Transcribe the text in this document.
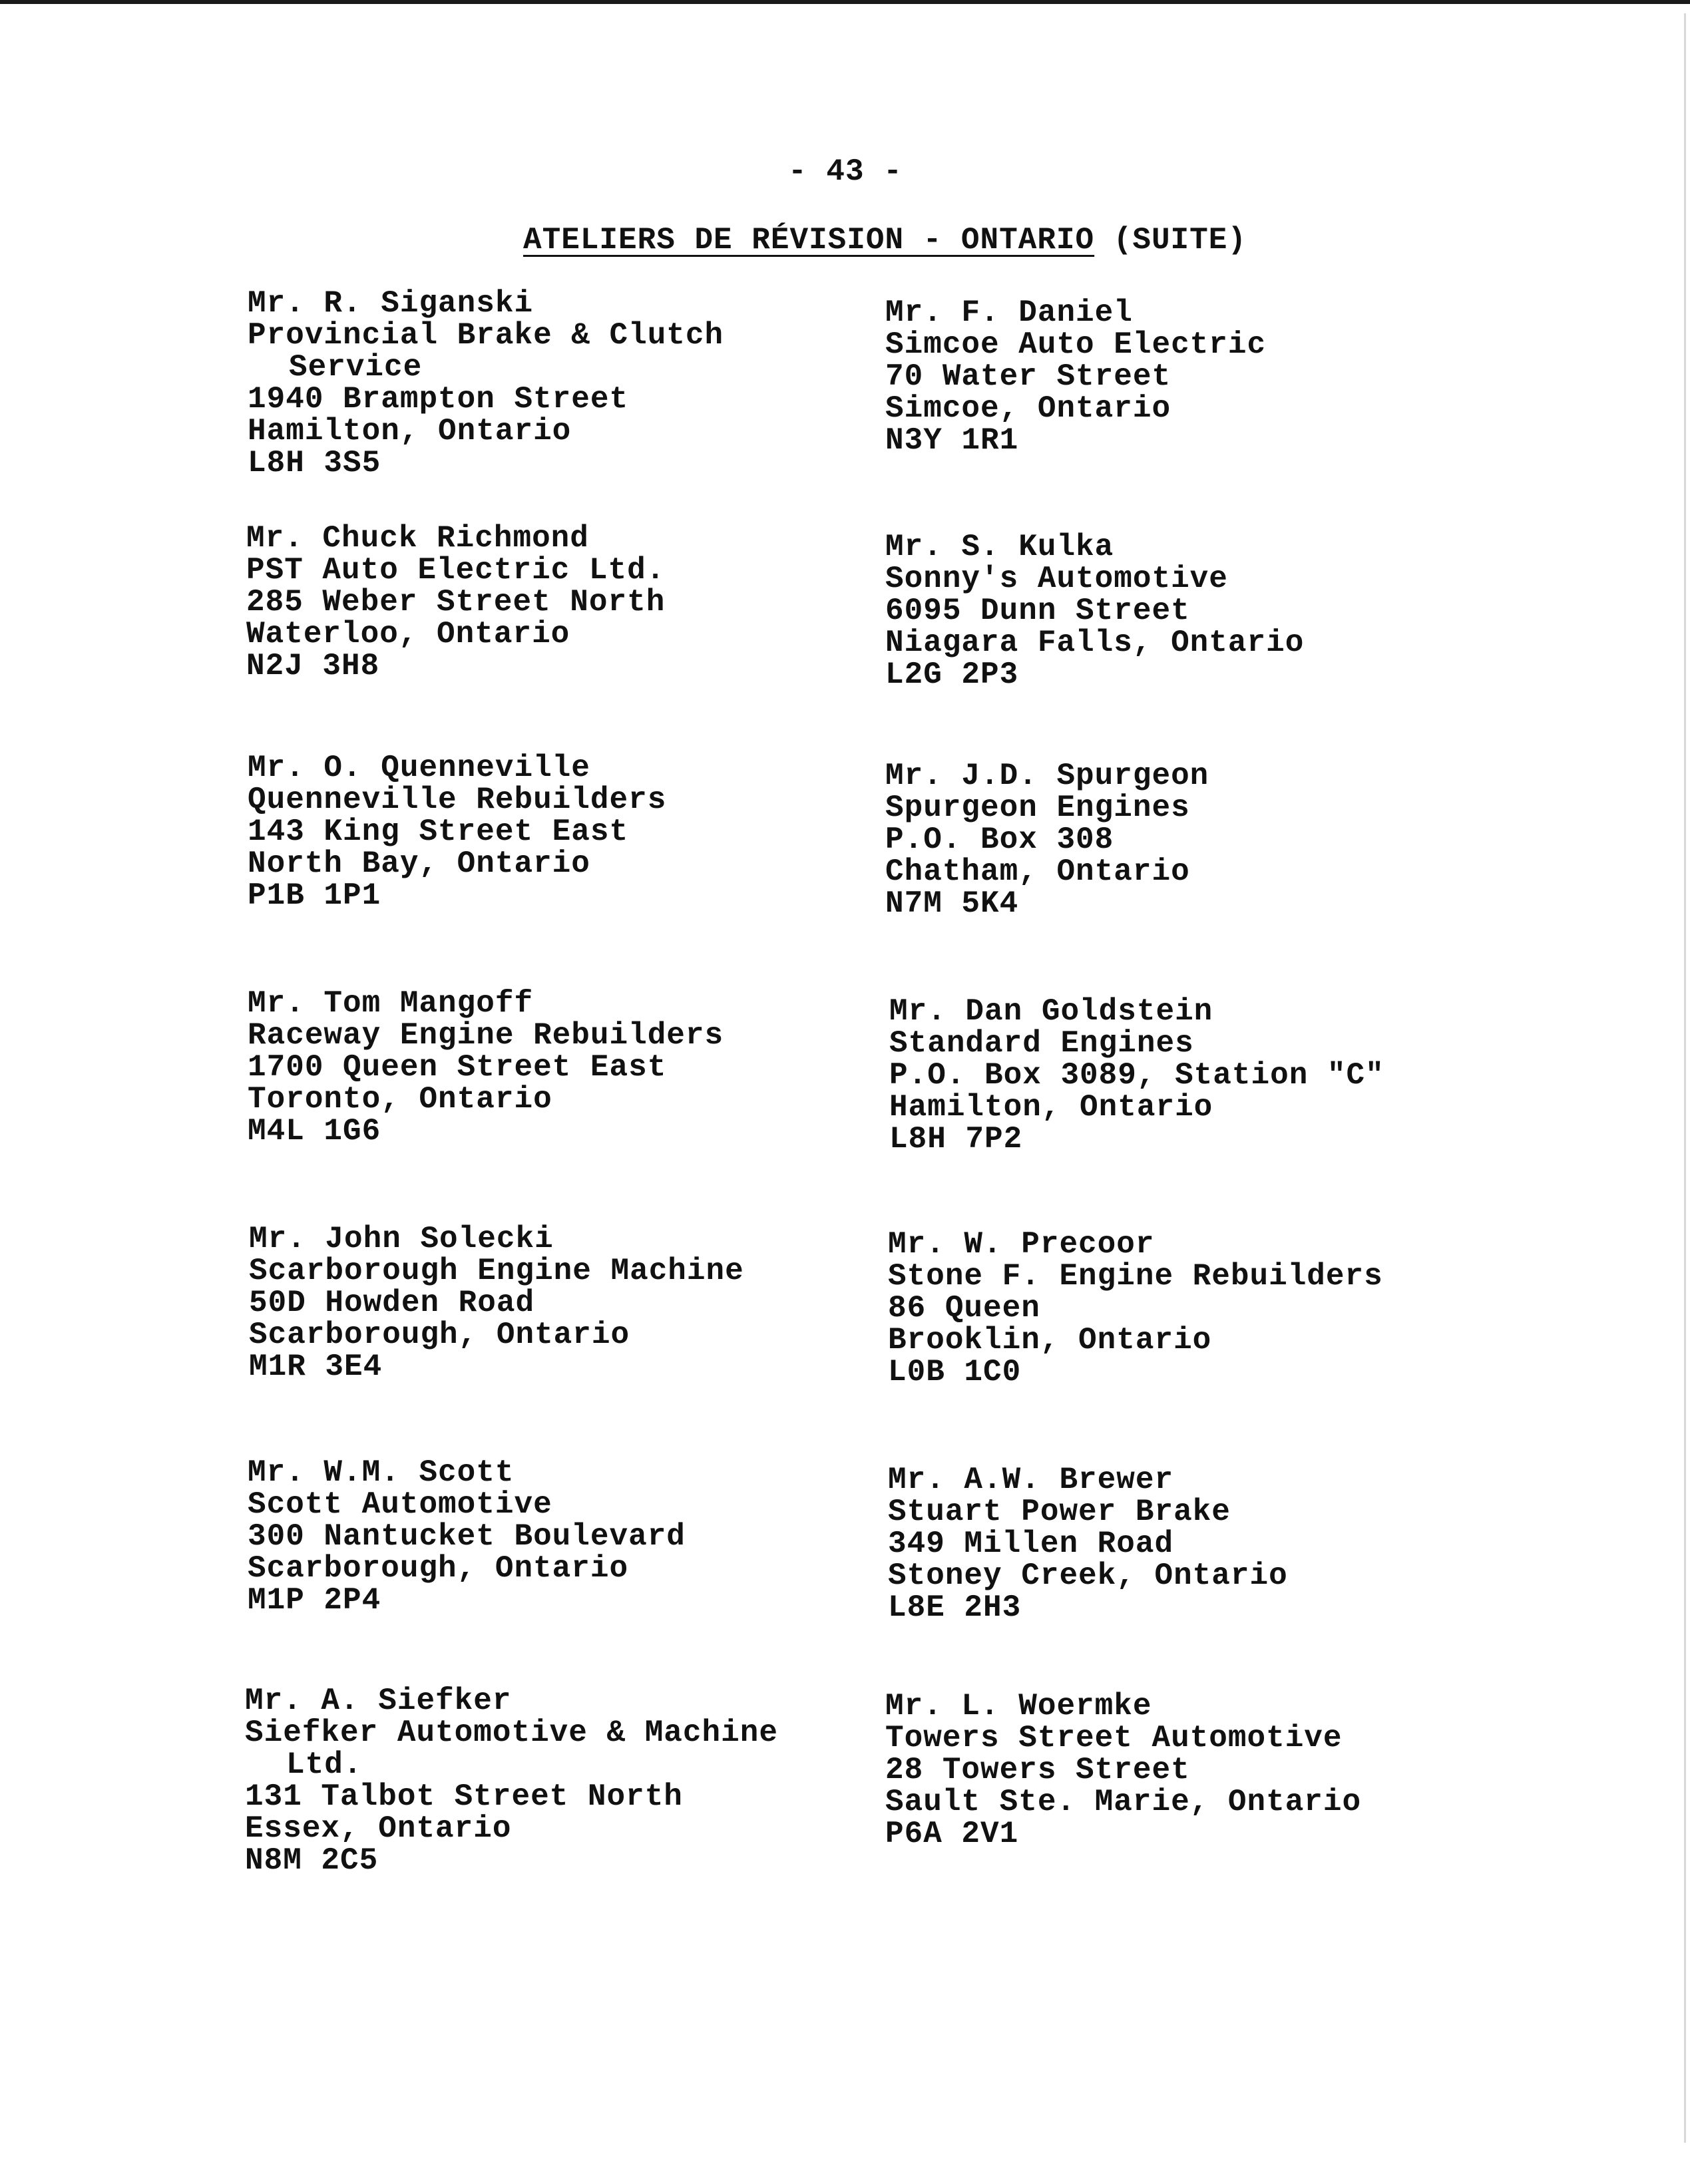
- 43 -
ATELIERS DE RÉVISION - ONTARIO (SUITE)
Mr. R. Siganski
Provincial Brake & Clutch
Service
1940 Brampton Street
Hamilton, Ontario
L8H 3S5
Mr. Chuck Richmond
PST Auto Electric Ltd.
285 Weber Street North
Waterloo, Ontario
N2J 3H8
Mr. O. Quenneville
Quenneville Rebuilders
143 King Street East
North Bay, Ontario
P1B 1P1
Mr. Tom Mangoff
Raceway Engine Rebuilders
1700 Queen Street East
Toronto, Ontario
M4L 1G6
Mr. John Solecki
Scarborough Engine Machine
50D Howden Road
Scarborough, Ontario
M1R 3E4
Mr. W.M. Scott
Scott Automotive
300 Nantucket Boulevard
Scarborough, Ontario
M1P 2P4
Mr. A. Siefker
Siefker Automotive & Machine
Ltd.
131 Talbot Street North
Essex, Ontario
N8M 2C5
Mr. F. Daniel
Simcoe Auto Electric
70 Water Street
Simcoe, Ontario
N3Y 1R1
Mr. S. Kulka
Sonny's Automotive
6095 Dunn Street
Niagara Falls, Ontario
L2G 2P3
Mr. J.D. Spurgeon
Spurgeon Engines
P.O. Box 308
Chatham, Ontario
N7M 5K4
Mr. Dan Goldstein
Standard Engines
P.O. Box 3089, Station "C"
Hamilton, Ontario
L8H 7P2
Mr. W. Precoor
Stone F. Engine Rebuilders
86 Queen
Brooklin, Ontario
L0B 1C0
Mr. A.W. Brewer
Stuart Power Brake
349 Millen Road
Stoney Creek, Ontario
L8E 2H3
Mr. L. Woermke
Towers Street Automotive
28 Towers Street
Sault Ste. Marie, Ontario
P6A 2V1
